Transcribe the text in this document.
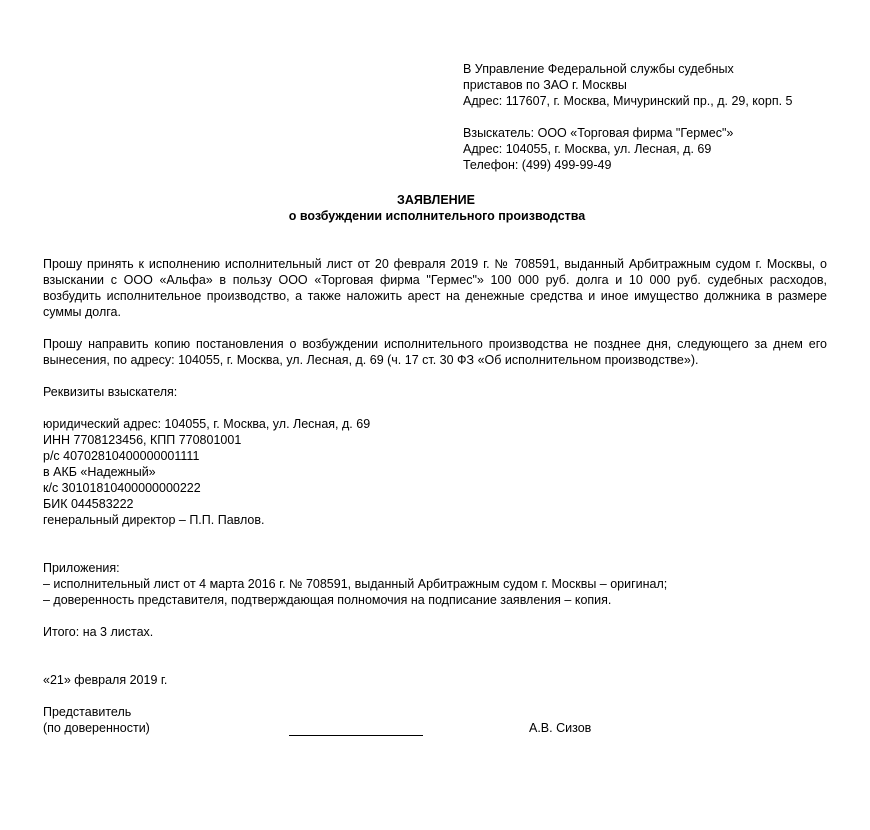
В Управление Федеральной службы судебных
приставов по ЗАО г. Москвы
Адрес: 117607, г. Москва, Мичуринский пр., д. 29, корп. 5
Взыскатель: ООО «Торговая фирма "Гермес"»
Адрес: 104055, г. Москва, ул. Лесная, д. 69
Телефон: (499) 499-99-49
ЗАЯВЛЕНИЕ
о возбуждении исполнительного производства
Прошу принять к исполнению исполнительный лист от 20 февраля 2019 г. № 708591, выданный Арбитражным судом г. Москвы, о взыскании с ООО «Альфа» в пользу ООО «Торговая фирма "Гермес"» 100 000 руб. долга и 10 000 руб. судебных расходов, возбудить исполнительное производство, а также наложить арест на денежные средства и иное имущество должника в размере суммы долга.
Прошу направить копию постановления о возбуждении исполнительного производства не позднее дня, следующего за днем его вынесения, по адресу: 104055, г. Москва, ул. Лесная, д. 69 (ч. 17 ст. 30 ФЗ «Об исполнительном производстве»).
Реквизиты взыскателя:
юридический адрес: 104055, г. Москва, ул. Лесная, д. 69
ИНН 7708123456, КПП 770801001
р/с 40702810400000001111
в АКБ «Надежный»
к/с 30101810400000000222
БИК 044583222
генеральный директор – П.П. Павлов.
Приложения:
– исполнительный лист от 4 марта 2016 г. № 708591, выданный Арбитражным судом г. Москвы – оригинал;
– доверенность представителя, подтверждающая полномочия на подписание заявления – копия.
Итого: на 3 листах.
«21» февраля 2019 г.
Представитель
(по доверенности)	А.В. Сизов
